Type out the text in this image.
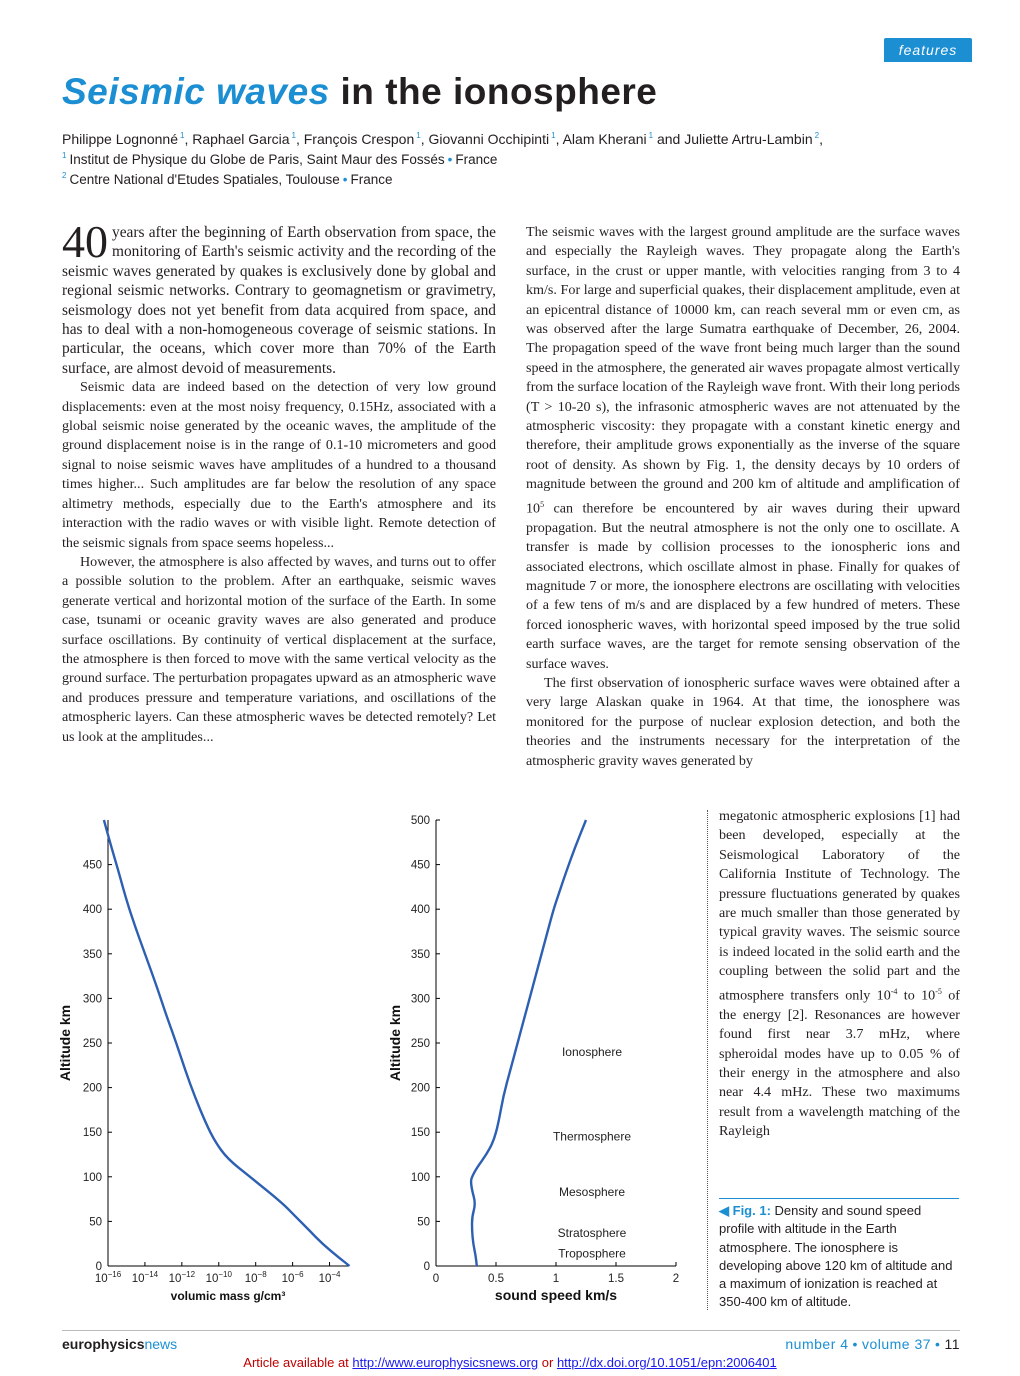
features
Seismic waves in the ionosphere
Philippe Lognonné $^1$, Raphael Garcia $^1$, François Crespon $^1$, Giovanni Occhipinti $^1$, Alam Kherani $^1$ and Juliette Artru-Lambin $^2$,
$^1$ Institut de Physique du Globe de Paris, Saint Maur des Fossés • France
$^2$ Centre National d'Etudes Spatiales, Toulouse • France

40 years after the beginning of Earth observation from space, the monitoring of Earth's seismic activity and the recording of the seismic waves generated by quakes is exclusively done by global and regional seismic networks. Contrary to geomagnetism or gravimetry, seismology does not yet benefit from data acquired from space, and has to deal with a non-homogeneous coverage of seismic stations. In particular, the oceans, which cover more than 70% of the Earth surface, are almost devoid of measurements.

Seismic data are indeed based on the detection of very low ground displacements: even at the most noisy frequency, 0.15Hz, associated with a global seismic noise generated by the oceanic waves, the amplitude of the ground displacement noise is in the range of 0.1-10 micrometers and good signal to noise seismic waves have amplitudes of a hundred to a thousand times higher... Such amplitudes are far below the resolution of any space altimetry methods, especially due to the Earth's atmosphere and its interaction with the radio waves or with visible light. Remote detection of the seismic signals from space seems hopeless...

However, the atmosphere is also affected by waves, and turns out to offer a possible solution to the problem. After an earthquake, seismic waves generate vertical and horizontal motion of the surface of the Earth. In some case, tsunami or oceanic gravity waves are also generated and produce surface oscillations. By continuity of vertical displacement at the surface, the atmosphere is then forced to move with the same vertical velocity as the ground surface. The perturbation propagates upward as an atmospheric wave and produces pressure and temperature variations, and oscillations of the atmospheric layers. Can these atmospheric waves be detected remotely? Let us look at the amplitudes...

The seismic waves with the largest ground amplitude are the surface waves and especially the Rayleigh waves. They propagate along the Earth's surface, in the crust or upper mantle, with velocities ranging from 3 to 4 km/s. For large and superficial quakes, their displacement amplitude, even at an epicentral distance of 10000 km, can reach several mm or even cm, as was observed after the large Sumatra earthquake of December, 26, 2004. The propagation speed of the wave front being much larger than the sound speed in the atmosphere, the generated air waves propagate almost vertically from the surface location of the Rayleigh wave front. With their long periods (T > 10-20 s), the infrasonic atmospheric waves are not attenuated by the atmospheric viscosity: they propagate with a constant kinetic energy and therefore, their amplitude grows exponentially as the inverse of the square root of density. As shown by Fig. 1, the density decays by 10 orders of magnitude between the ground and 200 km of altitude and amplification of $10^5$ can therefore be encountered by air waves during their upward propagation. But the neutral atmosphere is not the only one to oscillate. A transfer is made by collision processes to the ionospheric ions and associated electrons, which oscillate almost in phase. Finally for quakes of magnitude 7 or more, the ionosphere electrons are oscillating with velocities of a few tens of m/s and are displaced by a few hundred of meters. These forced ionospheric waves, with horizontal speed imposed by the true solid earth surface waves, are the target for remote sensing observation of the surface waves.

The first observation of ionospheric surface waves were obtained after a very large Alaskan quake in 1964. At that time, the ionosphere was monitored for the purpose of nuclear explosion detection, and both the theories and the instruments necessary for the interpretation of the atmospheric gravity waves generated by

megatonic atmospheric explosions [1] had been developed, especially at the Seismological Laboratory of the California Institute of Technology. The pressure fluctuations generated by quakes are much smaller than those generated by typical gravity waves. The seismic source is indeed located in the solid earth and the coupling between the solid part and the atmosphere transfers only $10^{-4}$ to $10^{-5}$ of the energy [2]. Resonances are however found first near 3.7 mHz, where spheroidal modes have up to 0.05 % of their energy in the atmosphere and also near 4.4 mHz. These two maximums result from a wavelength matching of the Rayleigh

0
50
100
150
200
250
300
350
400
450
$10^{-16}$ $10^{-14}$ $10^{-12}$ $10^{-10}$ $10^{-8}$ $10^{-6}$ $10^{-4}$
Altitude km
volumic mass g/cm³
0
50
100
150
200
250
300
350
400
450
500
0	0.5	1	1.5	2
Altitude km
sound speed km/s
Ionosphere
Thermosphere
Mesosphere
Stratosphere
Troposphere
◀ Fig. 1: Density and sound speed profile with altitude in the Earth atmosphere. The ionosphere is developing above 120 km of altitude and a maximum of ionization is reached at 350-400 km of altitude.
europhysicsnews	number 4 • volume 37 • 11
Article available at http://www.europhysicsnews.org or http://dx.doi.org/10.1051/epn:2006401
